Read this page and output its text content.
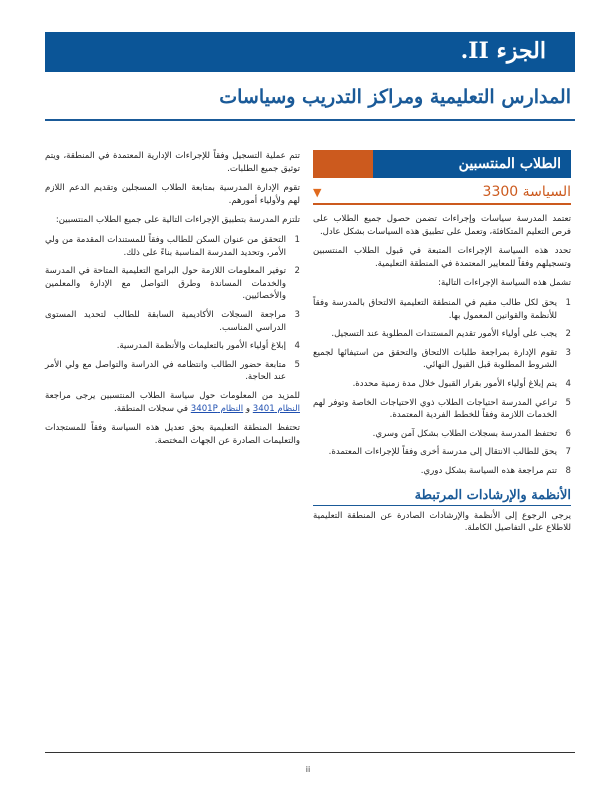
الجزء II.
المدارس التعليمية ومراكز التدريب وسياسات
الطلاب المنتسبين
السياسة 3300
▼

تعتمد المدرسة سياسات وإجراءات تضمن حصول جميع الطلاب على فرص التعليم المتكافئة، وتعمل على تطبيق هذه السياسات بشكل عادل.

تحدد هذه السياسة الإجراءات المتبعة في قبول الطلاب المنتسبين وتسجيلهم وفقاً للمعايير المعتمدة في المنطقة التعليمية.

تشمل هذه السياسة الإجراءات التالية:

1
يحق لكل طالب مقيم في المنطقة التعليمية الالتحاق بالمدرسة وفقاً للأنظمة والقوانين المعمول بها.
2
يجب على أولياء الأمور تقديم المستندات المطلوبة عند التسجيل.
3
تقوم الإدارة بمراجعة طلبات الالتحاق والتحقق من استيفائها لجميع الشروط المطلوبة قبل القبول النهائي.
4
يتم إبلاغ أولياء الأمور بقرار القبول خلال مدة زمنية محددة.
5
تراعي المدرسة احتياجات الطلاب ذوي الاحتياجات الخاصة وتوفر لهم الخدمات اللازمة وفقاً للخطط الفردية المعتمدة.
6
تحتفظ المدرسة بسجلات الطلاب بشكل آمن وسري.
7
يحق للطالب الانتقال إلى مدرسة أخرى وفقاً للإجراءات المعتمدة.
8
تتم مراجعة هذه السياسة بشكل دوري.
الأنظمة والإرشادات المرتبطة

يرجى الرجوع إلى الأنظمة والإرشادات الصادرة عن المنطقة التعليمية للاطلاع على التفاصيل الكاملة.

تتم عملية التسجيل وفقاً للإجراءات الإدارية المعتمدة في المنطقة، ويتم توثيق جميع الطلبات.

تقوم الإدارة المدرسية بمتابعة الطلاب المسجلين وتقديم الدعم اللازم لهم ولأولياء أمورهم.

تلتزم المدرسة بتطبيق الإجراءات التالية على جميع الطلاب المنتسبين:

1
التحقق من عنوان السكن للطالب وفقاً للمستندات المقدمة من ولي الأمر، وتحديد المدرسة المناسبة بناءً على ذلك.
2
توفير المعلومات اللازمة حول البرامج التعليمية المتاحة في المدرسة والخدمات المساندة وطرق التواصل مع الإدارة والمعلمين والأخصائيين.
3
مراجعة السجلات الأكاديمية السابقة للطالب لتحديد المستوى الدراسي المناسب.
4
إبلاغ أولياء الأمور بالتعليمات والأنظمة المدرسية.
5
متابعة حضور الطالب وانتظامه في الدراسة والتواصل مع ولي الأمر عند الحاجة.

للمزيد من المعلومات حول سياسة الطلاب المنتسبين يرجى مراجعة النظام 3401 و النظام 3401P في سجلات المنطقة.

تحتفظ المنطقة التعليمية بحق تعديل هذه السياسة وفقاً للمستجدات والتعليمات الصادرة عن الجهات المختصة.

ii
